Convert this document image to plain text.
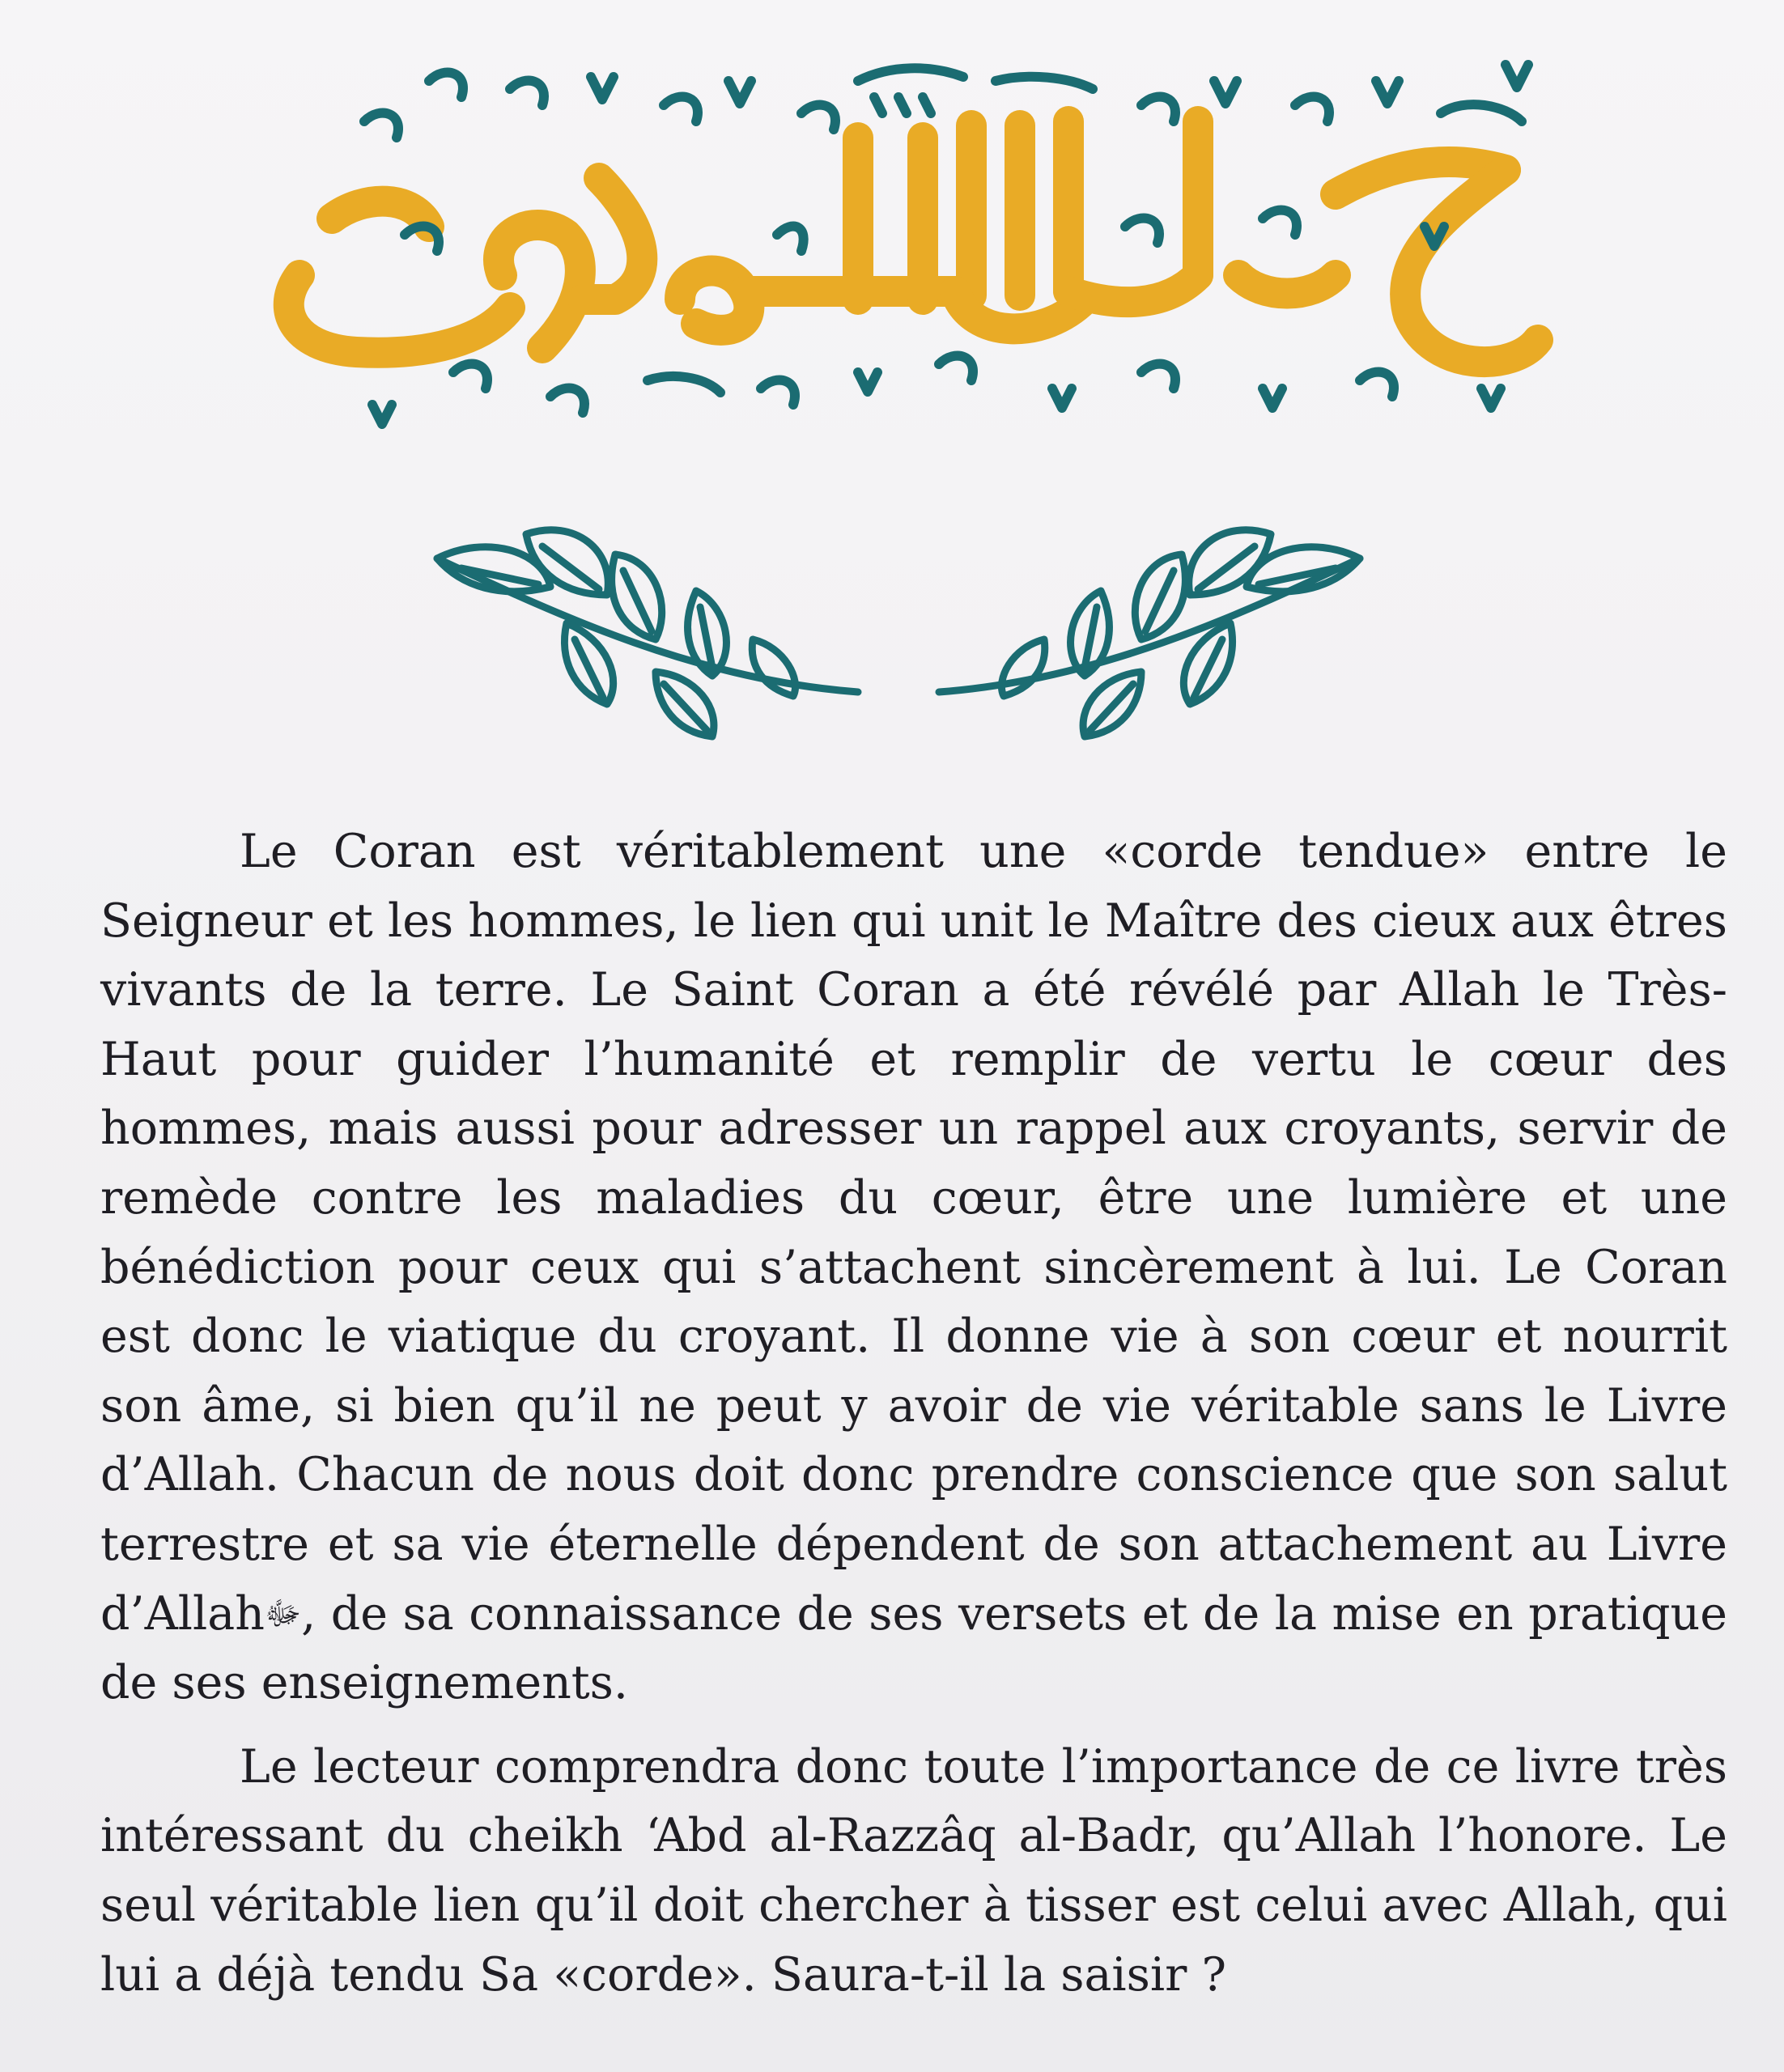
Le Coran est véritablement une «corde tendue» entre le Seigneur et les hommes, le lien qui unit le Maître des cieux aux êtres vivants de la terre. Le Saint Coran a été révélé par Allah le Très-Haut pour guider l’humanité et remplir de vertu le cœur des hommes, mais aussi pour adresser un rappel aux croyants, servir de remède contre les maladies du cœur, être une lumière et une bénédiction pour ceux qui s’attachent sincèrement à lui. Le Coran est donc le viatique du croyant. Il donne vie à son cœur et nourrit son âme, si bien qu’il ne peut y avoir de vie véritable sans le Livre d’Allah. Chacun de nous doit donc prendre conscience que son salut terrestre et sa vie éternelle dépendent de son attachement au Livre d’Allahﷻ, de sa connaissance de ses versets et de la mise en pratique de ses enseignements.

Le lecteur comprendra donc toute l’importance de ce livre très intéressant du cheikh ‘Abd al-Razzâq al-Badr, qu’Allah l’honore. Le seul véritable lien qu’il doit chercher à tisser est celui avec Allah, qui lui a déjà tendu Sa «corde». Saura-t-il la saisir ?
